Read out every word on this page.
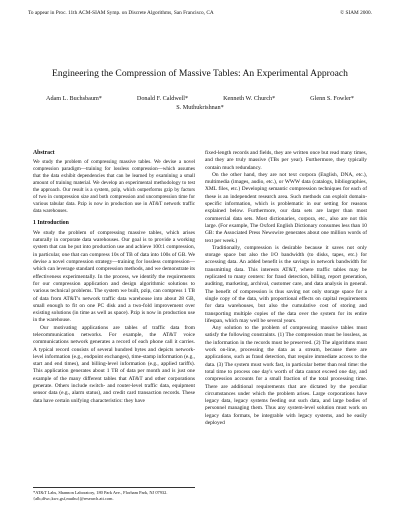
To appear in Proc. 11th ACM-SIAM Symp. on Discrete Algorithms, San Francisco, CA	© SIAM 2000.
Engineering the Compression of Massive Tables: An Experimental Approach
Adam L. Buchsbaum*	Donald F. Caldwell*	Kenneth W. Church*	Glenn S. Fowler*
S. Muthukrishnan*
Abstract

We study the problem of compressing massive tables. We devise a novel compression paradigm—training for lossless compression—which assumes that the data exhibit dependencies that can be learned by examining a small amount of training material. We develop an experimental methodology to test the approach. Our result is a system, pzip, which outperforms gzip by factors of two in compression size and both compression and uncompression time for various tabular data. Pzip is now in production use in AT&T network traffic data warehouses.

1 Introduction

We study the problem of compressing massive tables, which arises naturally in corporate data warehouses. Our goal is to provide a working system that can be put into production use and achieve 100:1 compression, in particular, one that can compress 10s of TB of data into 100s of GB. We devise a novel compression strategy—training for lossless compression—which can leverage standard compression methods, and we demonstrate its effectiveness experimentally. In the process, we identify the requirements for our compression application and design algorithmic solutions to various technical problems. The system we built, pzip, can compress 1 TB of data from AT&T's network traffic data warehouse into about 28 GB, small enough to fit on one PC disk and a two-fold improvement over existing solutions (in time as well as space). Pzip is now in production use in the warehouse.

Our motivating applications are tables of traffic data from telecommunication networks. For example, the AT&T voice communications network generates a record of each phone call it carries. A typical record consists of several hundred bytes and depicts network-level information (e.g., endpoint exchanges), time-stamp information (e.g., start and end times), and billing-level information (e.g., applied tariffs). This application generates about 1 TB of data per month and is just one example of the many different tables that AT&T and other corporations generate. Others include switch- and router-level traffic data, equipment sensor data (e.g., alarm status), and credit card transaction records. These data have certain unifying characteristics: they have

fixed-length records and fields, they are written once but read many times, and they are truly massive (TBs per year). Furthermore, they typically contain much redundancy.

On the other hand, they are not text corpora (English, DNA, etc.), multimedia (images, audio, etc.), or WWW data (catalogs, bibliographies, XML files, etc.) Developing semantic compression techniques for each of these is an independent research area. Such methods can exploit domain-specific information, which is problematic in our setting for reasons explained below. Furthermore, our data sets are larger than most commercial data sets. Most dictionaries, corpora, etc., also are not this large. (For example, The Oxford English Dictionary consumes less than 10 GB: the Associated Press Newswire generates about one million words of text per week.)

Traditionally, compression is desirable because it saves not only storage space but also the I/O bandwidth (to disks, tapes, etc.) for accessing data. An added benefit is the savings in network bandwidth for transmitting data. This interests AT&T, where traffic tables may be replicated to many centers: for fraud detection, billing, report generation, auditing, marketing, archival, customer care, and data analysis in general. The benefit of compression is thus saving not only storage space for a single copy of the data, with proportional effects on capital requirements for data warehouses, but also the cumulative cost of storing and transporting multiple copies of the data over the system for its entire lifespan, which may well be several years.

Any solution to the problem of compressing massive tables must satisfy the following constraints. (1) The compression must be lossless, as the information in the records must be preserved. (2) The algorithms must work on-line, processing the data as a stream, because there are applications, such as fraud detection, that require immediate access to the data. (3) The system must work fast, in particular better than real time: the total time to process one day's worth of data cannot exceed one day, and compression accounts for a small fraction of the total processing time. There are additional requirements that are dictated by the peculiar circumstances under which the problem arises. Large corporations have legacy data, legacy systems feeding out such data, and large bodies of personnel managing them. Thus any system-level solution must work on legacy data formats, be integrable with legacy systems, and be easily deployed

*AT&T Labs, Shannon Laboratory, 180 Park Ave., Florham Park, NJ 07932. {alb,dfwc,kwc,gsf,muthu}@research.att.com.
